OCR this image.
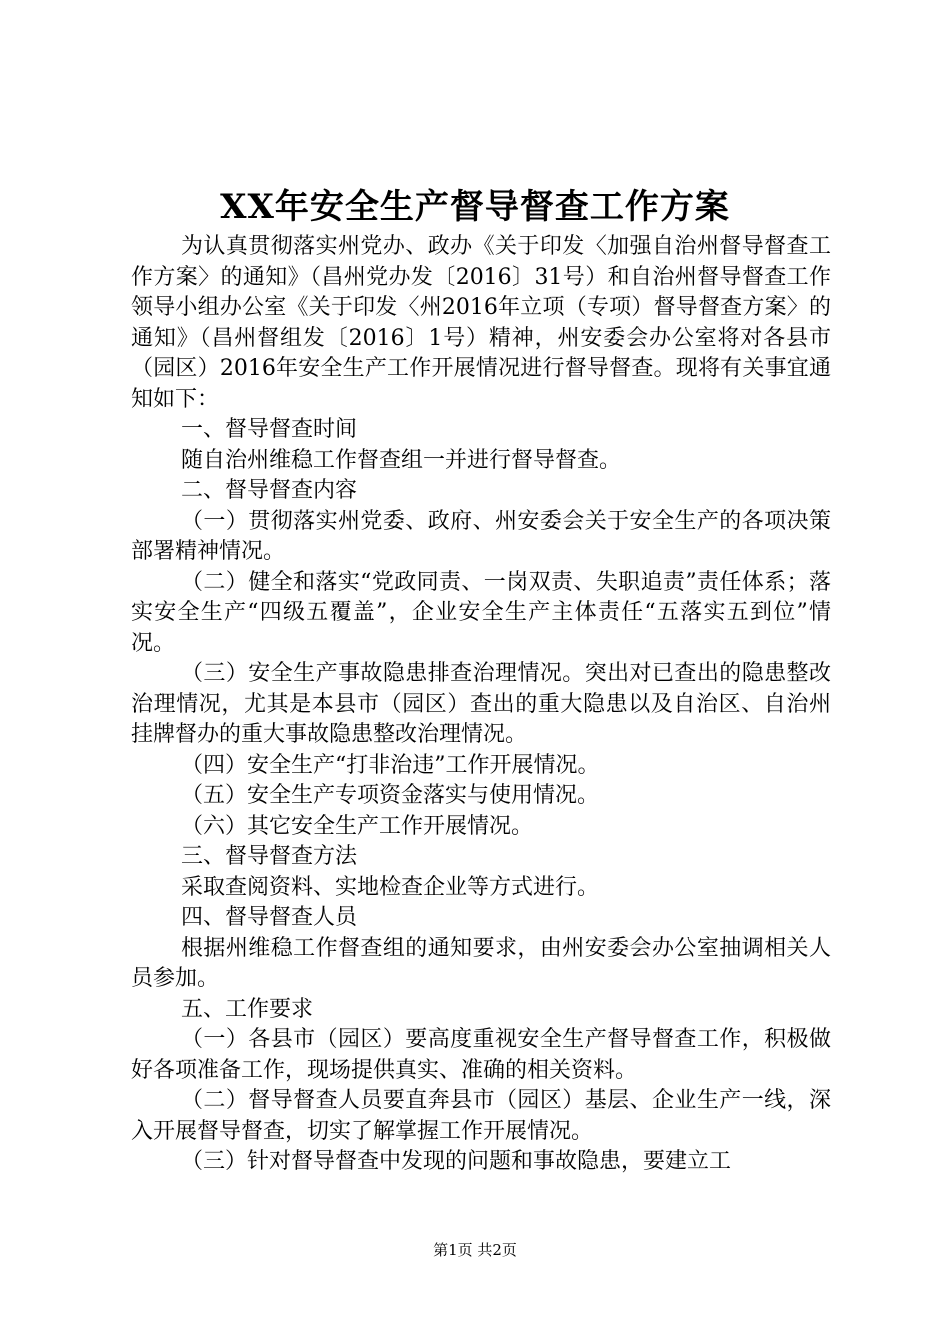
XX年安全生产督导督查工作方案

为认真贯彻落实州党办、政办《关于印发〈加强自治州督导督查工作方案〉的通知》（昌州党办发〔2016〕31号）和自治州督导督查工作领导小组办公室《关于印发〈州2016年立项（专项）督导督查方案〉的通知》（昌州督组发〔2016〕1号）精神，州安委会办公室将对各县市（园区）2016年安全生产工作开展情况进行督导督查。现将有关事宜通知如下：

一、督导督查时间

随自治州维稳工作督查组一并进行督导督查。

二、督导督查内容

（一）贯彻落实州党委、政府、州安委会关于安全生产的各项决策部署精神情况。

（二）健全和落实“党政同责、一岗双责、失职追责”责任体系；落实安全生产“四级五覆盖”，企业安全生产主体责任“五落实五到位”情况。

（三）安全生产事故隐患排查治理情况。突出对已查出的隐患整改治理情况，尤其是本县市（园区）查出的重大隐患以及自治区、自治州挂牌督办的重大事故隐患整改治理情况。

（四）安全生产“打非治违”工作开展情况。

（五）安全生产专项资金落实与使用情况。

（六）其它安全生产工作开展情况。

三、督导督查方法

采取查阅资料、实地检查企业等方式进行。

四、督导督查人员

根据州维稳工作督查组的通知要求，由州安委会办公室抽调相关人员参加。

五、工作要求

（一）各县市（园区）要高度重视安全生产督导督查工作，积极做好各项准备工作，现场提供真实、准确的相关资料。

（二）督导督查人员要直奔县市（园区）基层、企业生产一线，深入开展督导督查，切实了解掌握工作开展情况。

（三）针对督导督查中发现的问题和事故隐患，要建立工

第1页 共2页
